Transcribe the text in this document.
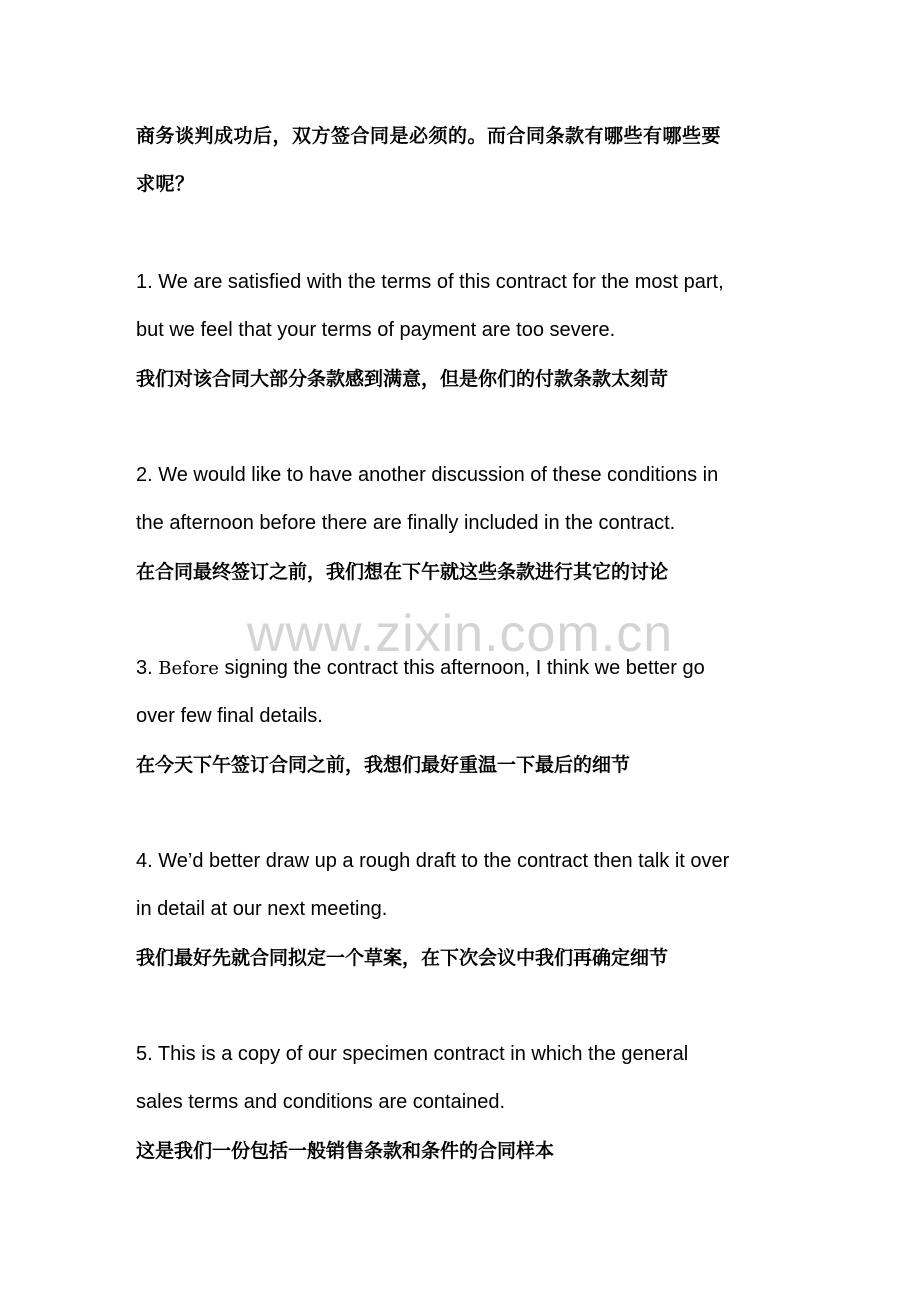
商务谈判成功后，双方签合同是必须的。而合同条款有哪些有哪些要
求呢？
1. We are satisfied with the terms of this contract for the most part,
but we feel that your terms of payment are too severe.
我们对该合同大部分条款感到满意，但是你们的付款条款太刻苛
2. We would like to have another discussion of these conditions in
the afternoon before there are finally included in the contract.
在合同最终签订之前，我们想在下午就这些条款进行其它的讨论
www.zixin.com.cn
3. Before signing the contract this afternoon, I think we better go
over few final details.
在今天下午签订合同之前，我想们最好重温一下最后的细节
4. We’d better draw up a rough draft to the contract then talk it over
in detail at our next meeting.
我们最好先就合同拟定一个草案，在下次会议中我们再确定细节
5. This is a copy of our specimen contract in which the general
sales terms and conditions are contained.
这是我们一份包括一般销售条款和条件的合同样本
